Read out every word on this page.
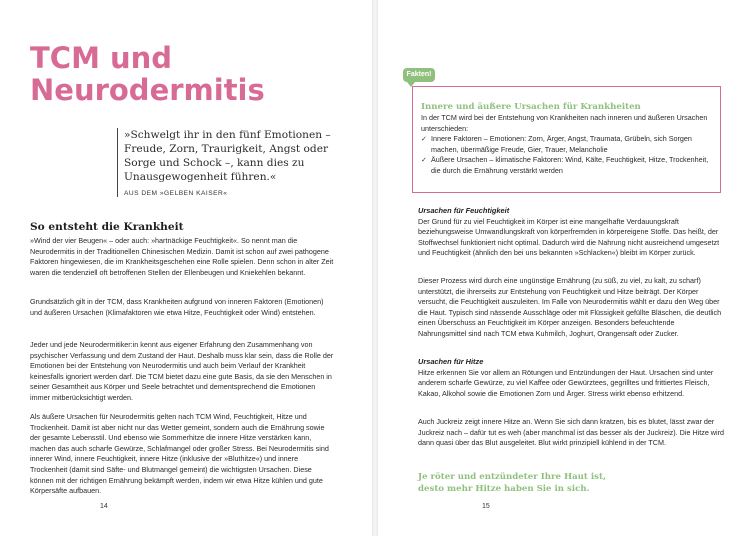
TCM und
Neurodermitis

»Schwelgt ihr in den fünf Emotionen – Freude, Zorn, Traurigkeit, Angst oder Sorge und Schock –, kann dies zu Unausgewogenheit führen.«

AUS DEM »GELBEN KAISER«
So entsteht die Krankheit

»Wind der vier Beugen« – oder auch: »hartnäckige Feuchtigkeit«. So nennt man die Neurodermitis in der Traditionellen Chinesischen Medizin. Damit ist schon auf zwei pathogene Faktoren hingewiesen, die im Krankheitsgeschehen eine Rolle spielen. Denn schon in alter Zeit waren die tendenziell oft betroffenen Stellen der Ellenbeugen und Kniekehlen bekannt.

Grundsätzlich gilt in der TCM, dass Krankheiten aufgrund von inneren Faktoren (Emotionen) und äußeren Ursachen (Klimafaktoren wie etwa Hitze, Feuchtigkeit oder Wind) entstehen.

Jeder und jede Neurodermitiker:in kennt aus eigener Erfahrung den Zusammenhang von psychischer Verfassung und dem Zustand der Haut. Deshalb muss klar sein, dass die Rolle der Emotionen bei der Entstehung von Neurodermitis und auch beim Verlauf der Krankheit keinesfalls ignoriert werden darf. Die TCM bietet dazu eine gute Basis, da sie den Menschen in seiner Gesamtheit aus Körper und Seele betrachtet und dementsprechend die Emotionen immer mitberücksichtigt werden.

Als äußere Ursachen für Neurodermitis gelten nach TCM Wind, Feuchtigkeit, Hitze und Trockenheit. Damit ist aber nicht nur das Wetter gemeint, sondern auch die Ernährung sowie der gesamte Lebensstil. Und ebenso wie Sommerhitze die innere Hitze verstärken kann, machen das auch scharfe Gewürze, Schlafmangel oder großer Stress. Bei Neurodermitis sind innerer Wind, innere Feuchtigkeit, innere Hitze (inklusive der »Bluthitze«) und innere Trockenheit (damit sind Säfte- und Blutmangel gemeint) die wichtigsten Ursachen. Diese können mit der richtigen Ernährung bekämpft werden, indem wir etwa Hitze kühlen und gute Körpersäfte aufbauen.

14

Innere und äußere Ursachen für Krankheiten

In der TCM wird bei der Entstehung von Krankheiten nach inneren und äußeren Ursachen unterschieden:

✓ Innere Faktoren – Emotionen: Zorn, Ärger, Angst, Traumata, Grübeln, sich Sorgen machen, übermäßige Freude, Gier, Trauer, Melancholie
✓ Äußere Ursachen – klimatische Faktoren: Wind, Kälte, Feuchtigkeit, Hitze, Trockenheit, die durch die Ernährung verstärkt werden
Fakten!

Ursachen für Feuchtigkeit

Der Grund für zu viel Feuchtigkeit im Körper ist eine mangelhafte Verdauungskraft beziehungsweise Umwandlungskraft von körperfremden in körpereigene Stoffe. Das heißt, der Stoffwechsel funktioniert nicht optimal. Dadurch wird die Nahrung nicht ausreichend umgesetzt und Feuchtigkeit (ähnlich den bei uns bekannten »Schlacken«) bleibt im Körper zurück.

Dieser Prozess wird durch eine ungünstige Ernährung (zu süß, zu viel, zu kalt, zu scharf) unterstützt, die ihrerseits zur Entstehung von Feuchtigkeit und Hitze beiträgt. Der Körper versucht, die Feuchtigkeit auszuleiten. Im Falle von Neurodermitis wählt er dazu den Weg über die Haut. Typisch sind nässende Ausschläge oder mit Flüssigkeit gefüllte Bläschen, die deutlich einen Überschuss an Feuchtigkeit im Körper anzeigen. Besonders befeuchtende Nahrungsmittel sind nach TCM etwa Kuhmilch, Joghurt, Orangensaft oder Zucker.

Ursachen für Hitze

Hitze erkennen Sie vor allem an Rötungen und Entzündungen der Haut. Ursachen sind unter anderem scharfe Gewürze, zu viel Kaffee oder Gewürztees, gegrilltes und frittiertes Fleisch, Kakao, Alkohol sowie die Emotionen Zorn und Ärger. Stress wirkt ebenso erhitzend.

Auch Juckreiz zeigt innere Hitze an. Wenn Sie sich dann kratzen, bis es blutet, lässt zwar der Juckreiz nach – dafür tut es weh (aber manchmal ist das besser als der Juckreiz). Die Hitze wird dann quasi über das Blut ausgeleitet. Blut wirkt prinzipiell kühlend in der TCM.

Je röter und entzündeter Ihre Haut ist,
desto mehr Hitze haben Sie in sich.

15
